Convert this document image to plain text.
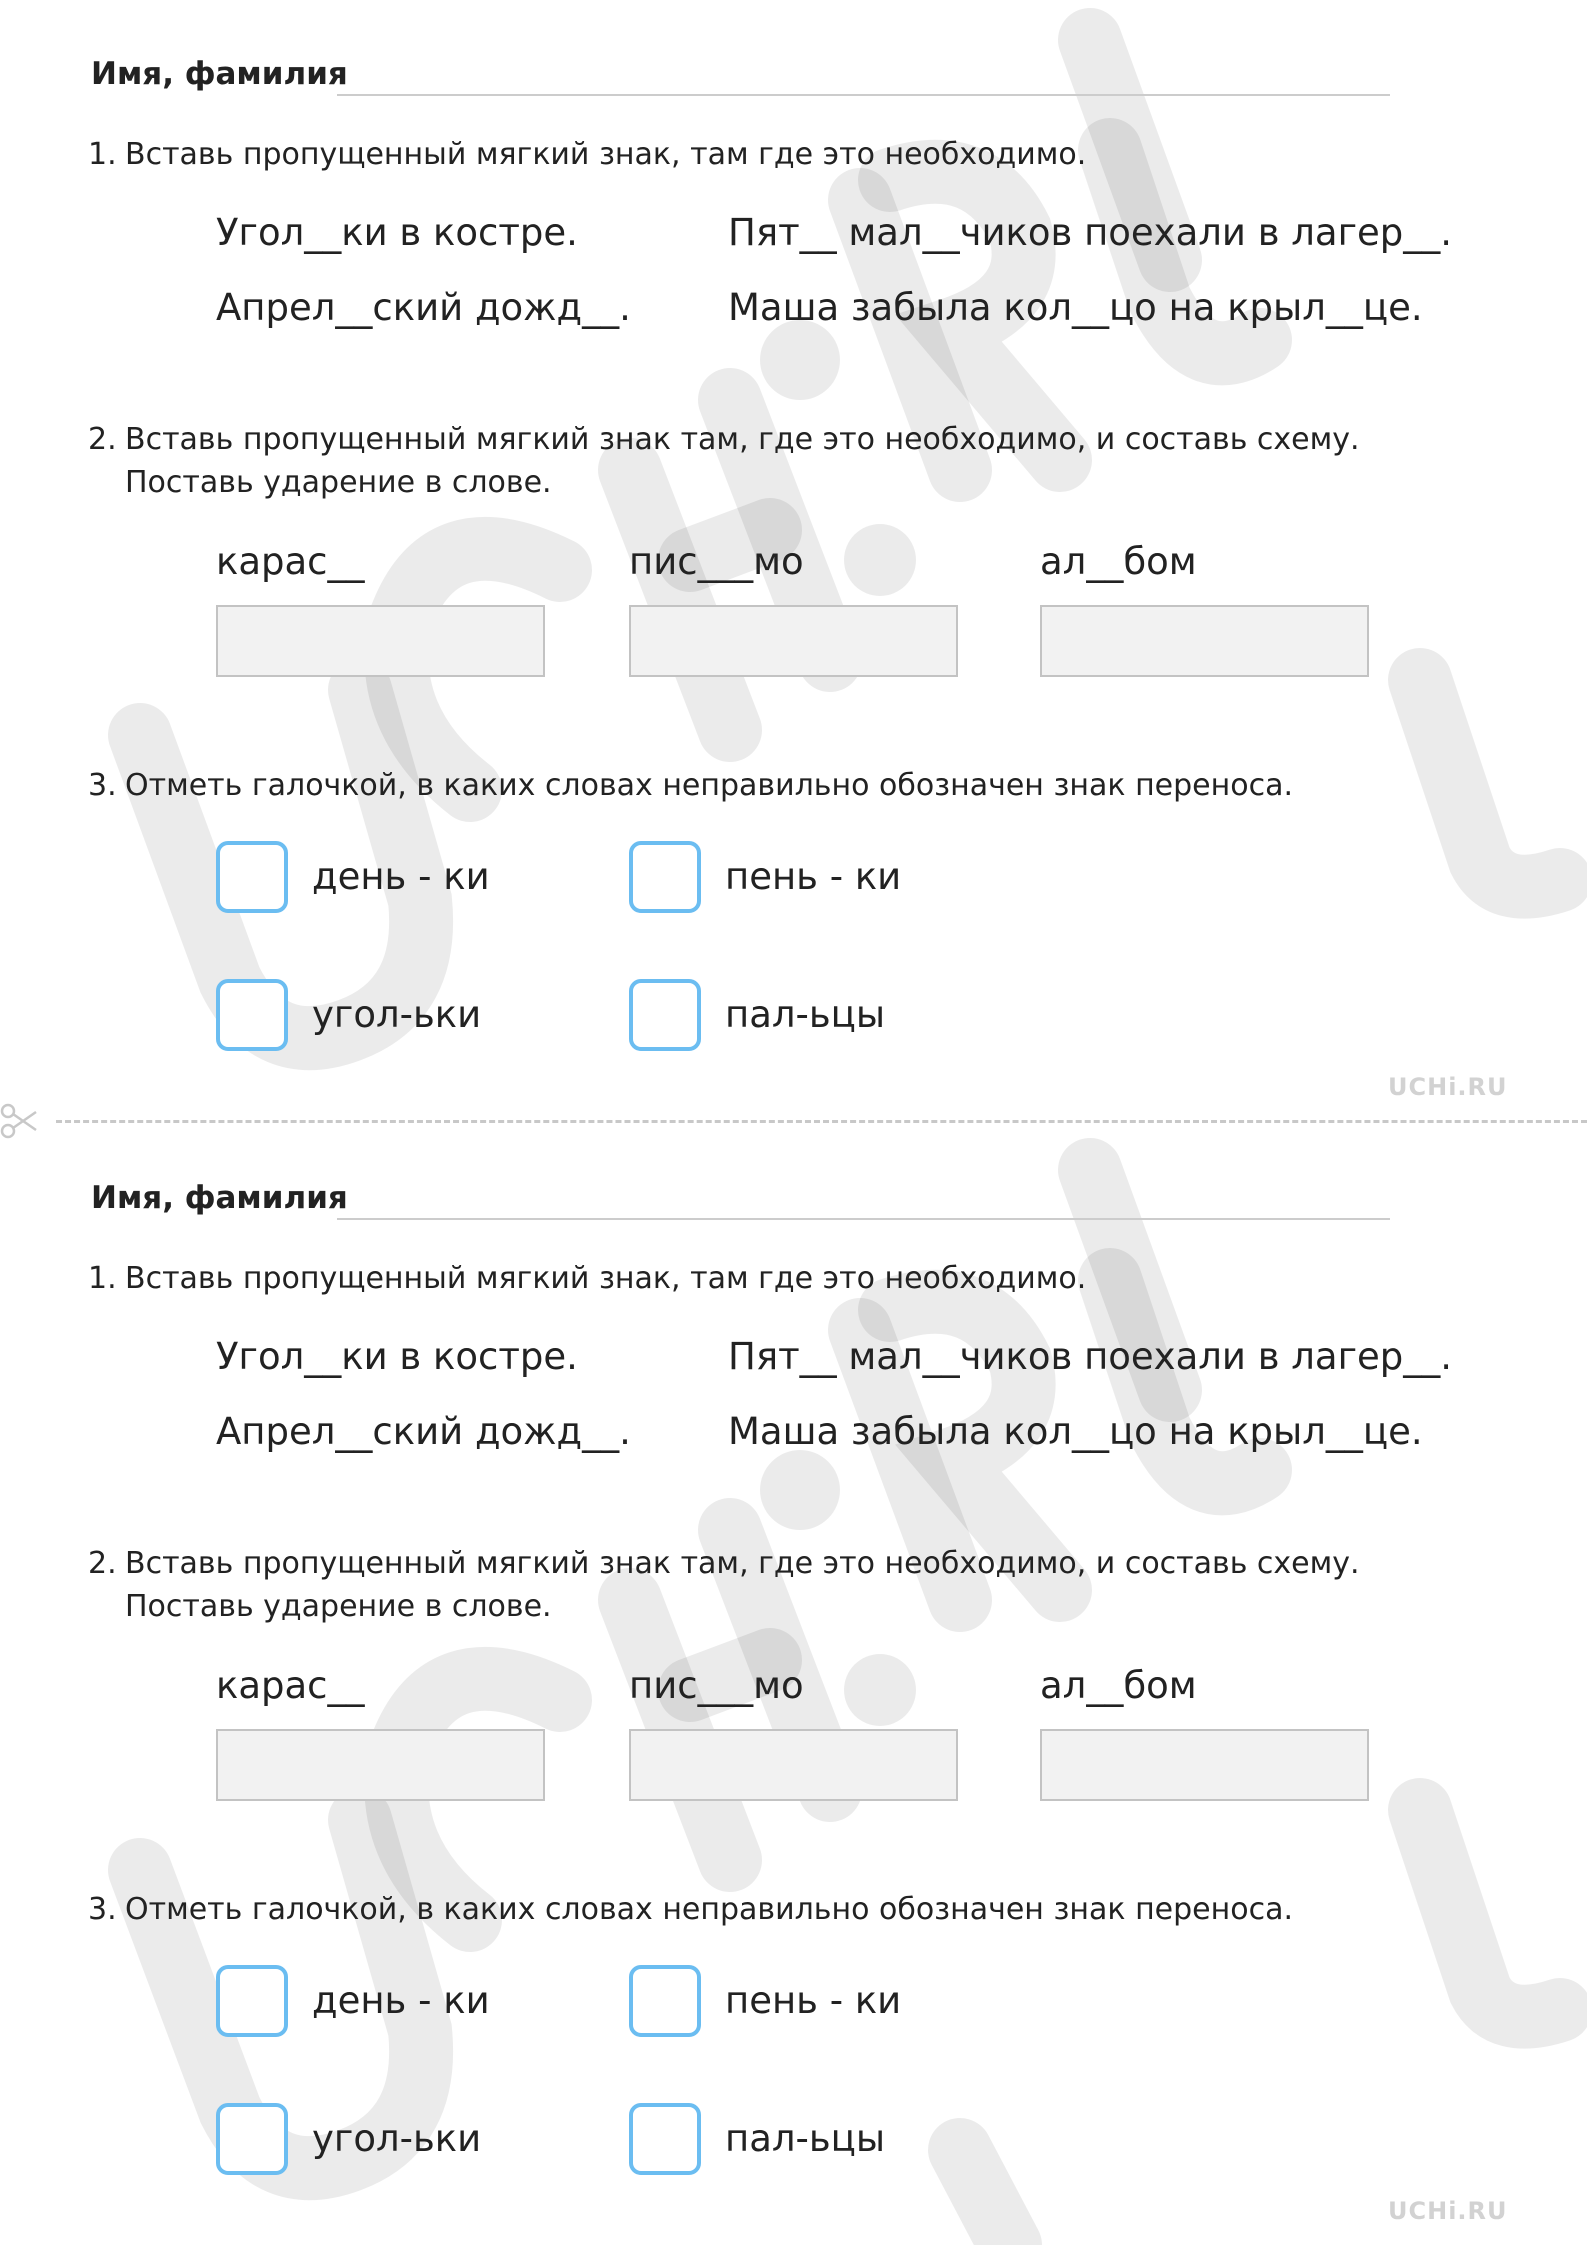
Имя, фамилия
1. Вставь пропущенный мягкий знак, там где это необходимо.
Угол__ки в костре.	Пят__ мал__чиков поехали в лагер__.
Апрел__ский дожд__.	Маша забыла кол__цо на крыл__це.
2. Вставь пропущенный мягкий знак там, где это необходимо, и составь схему.
Поставь ударение в слове.
карас__	пис___мо	ал__бом
3. Отметь галочкой, в каких словах неправильно обозначен знак переноса.
день - ки	пень - ки
угол-ьки	пал-ьцы
UCHi.RU
Имя, фамилия
1. Вставь пропущенный мягкий знак, там где это необходимо.
Угол__ки в костре.	Пят__ мал__чиков поехали в лагер__.
Апрел__ский дожд__.	Маша забыла кол__цо на крыл__це.
2. Вставь пропущенный мягкий знак там, где это необходимо, и составь схему.
Поставь ударение в слове.
карас__	пис___мо	ал__бом
3. Отметь галочкой, в каких словах неправильно обозначен знак переноса.
день - ки	пень - ки
угол-ьки	пал-ьцы
UCHi.RU
